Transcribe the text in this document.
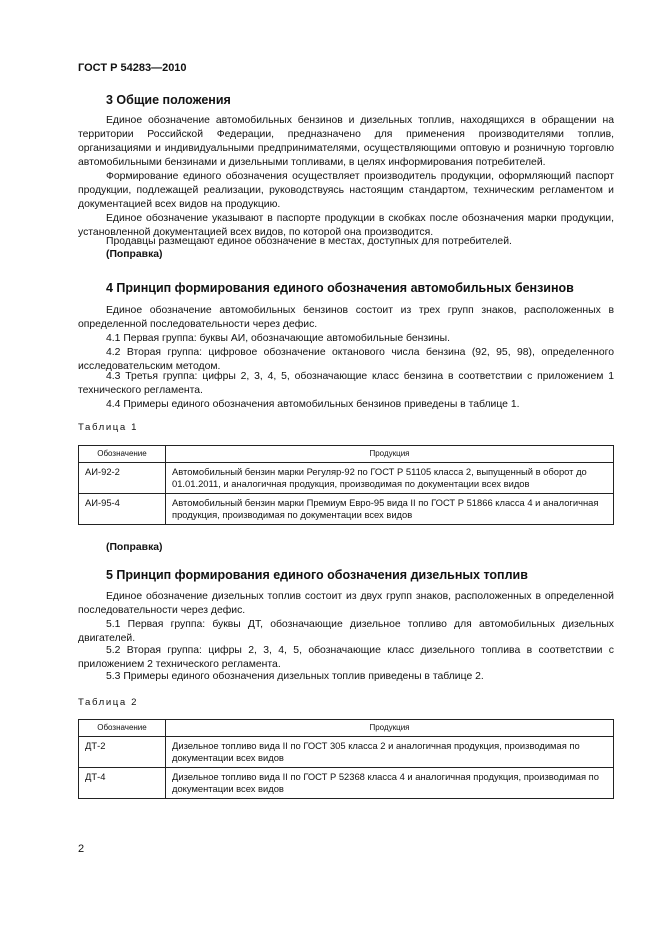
ГОСТ Р 54283—2010
3 Общие положения
Единое обозначение автомобильных бензинов и дизельных топлив, находящихся в обращении на территории Российской Федерации, предназначено для применения производителями топлив, организациями и индивидуальными предпринимателями, осуществляющими оптовую и розничную торговлю автомобильными бензинами и дизельными топливами, в целях информирования потребителей.
Формирование единого обозначения осуществляет производитель продукции, оформляющий паспорт продукции, подлежащей реализации, руководствуясь настоящим стандартом, техническим регламентом и документацией всех видов на продукцию.
Единое обозначение указывают в паспорте продукции в скобках после обозначения марки продукции, установленной документацией всех видов, по которой она производится.
Продавцы размещают единое обозначение в местах, доступных для потребителей.
(Поправка)
4 Принцип формирования единого обозначения автомобильных бензинов
Единое обозначение автомобильных бензинов состоит из трех групп знаков, расположенных в определенной последовательности через дефис.
4.1 Первая группа: буквы АИ, обозначающие автомобильные бензины.
4.2 Вторая группа: цифровое обозначение октанового числа бензина (92, 95, 98), определенного исследовательским методом.
4.3 Третья группа: цифры 2, 3, 4, 5, обозначающие класс бензина в соответствии с приложением 1 технического регламента.
4.4 Примеры единого обозначения автомобильных бензинов приведены в таблице 1.
Таблица 1
Обозначение	Продукция
АИ-92-2	Автомобильный бензин марки Регуляр-92 по ГОСТ Р 51105 класса 2, выпущенный в оборот до 01.01.2011, и аналогичная продукция, производимая по документации всех видов
АИ-95-4	Автомобильный бензин марки Премиум Евро-95 вида II по ГОСТ Р 51866 класса 4 и аналогичная продукция, производимая по документации всех видов
(Поправка)
5 Принцип формирования единого обозначения дизельных топлив
Единое обозначение дизельных топлив состоит из двух групп знаков, расположенных в определенной последовательности через дефис.
5.1 Первая группа: буквы ДТ, обозначающие дизельное топливо для автомобильных дизельных двигателей.
5.2 Вторая группа: цифры 2, 3, 4, 5, обозначающие класс дизельного топлива в соответствии с приложением 2 технического регламента.
5.3 Примеры единого обозначения дизельных топлив приведены в таблице 2.
Таблица 2
Обозначение	Продукция
ДТ-2	Дизельное топливо вида II по ГОСТ 305 класса 2 и аналогичная продукция, производимая по документации всех видов
ДТ-4	Дизельное топливо вида II по ГОСТ Р 52368 класса 4 и аналогичная продукция, производимая по документации всех видов
2
